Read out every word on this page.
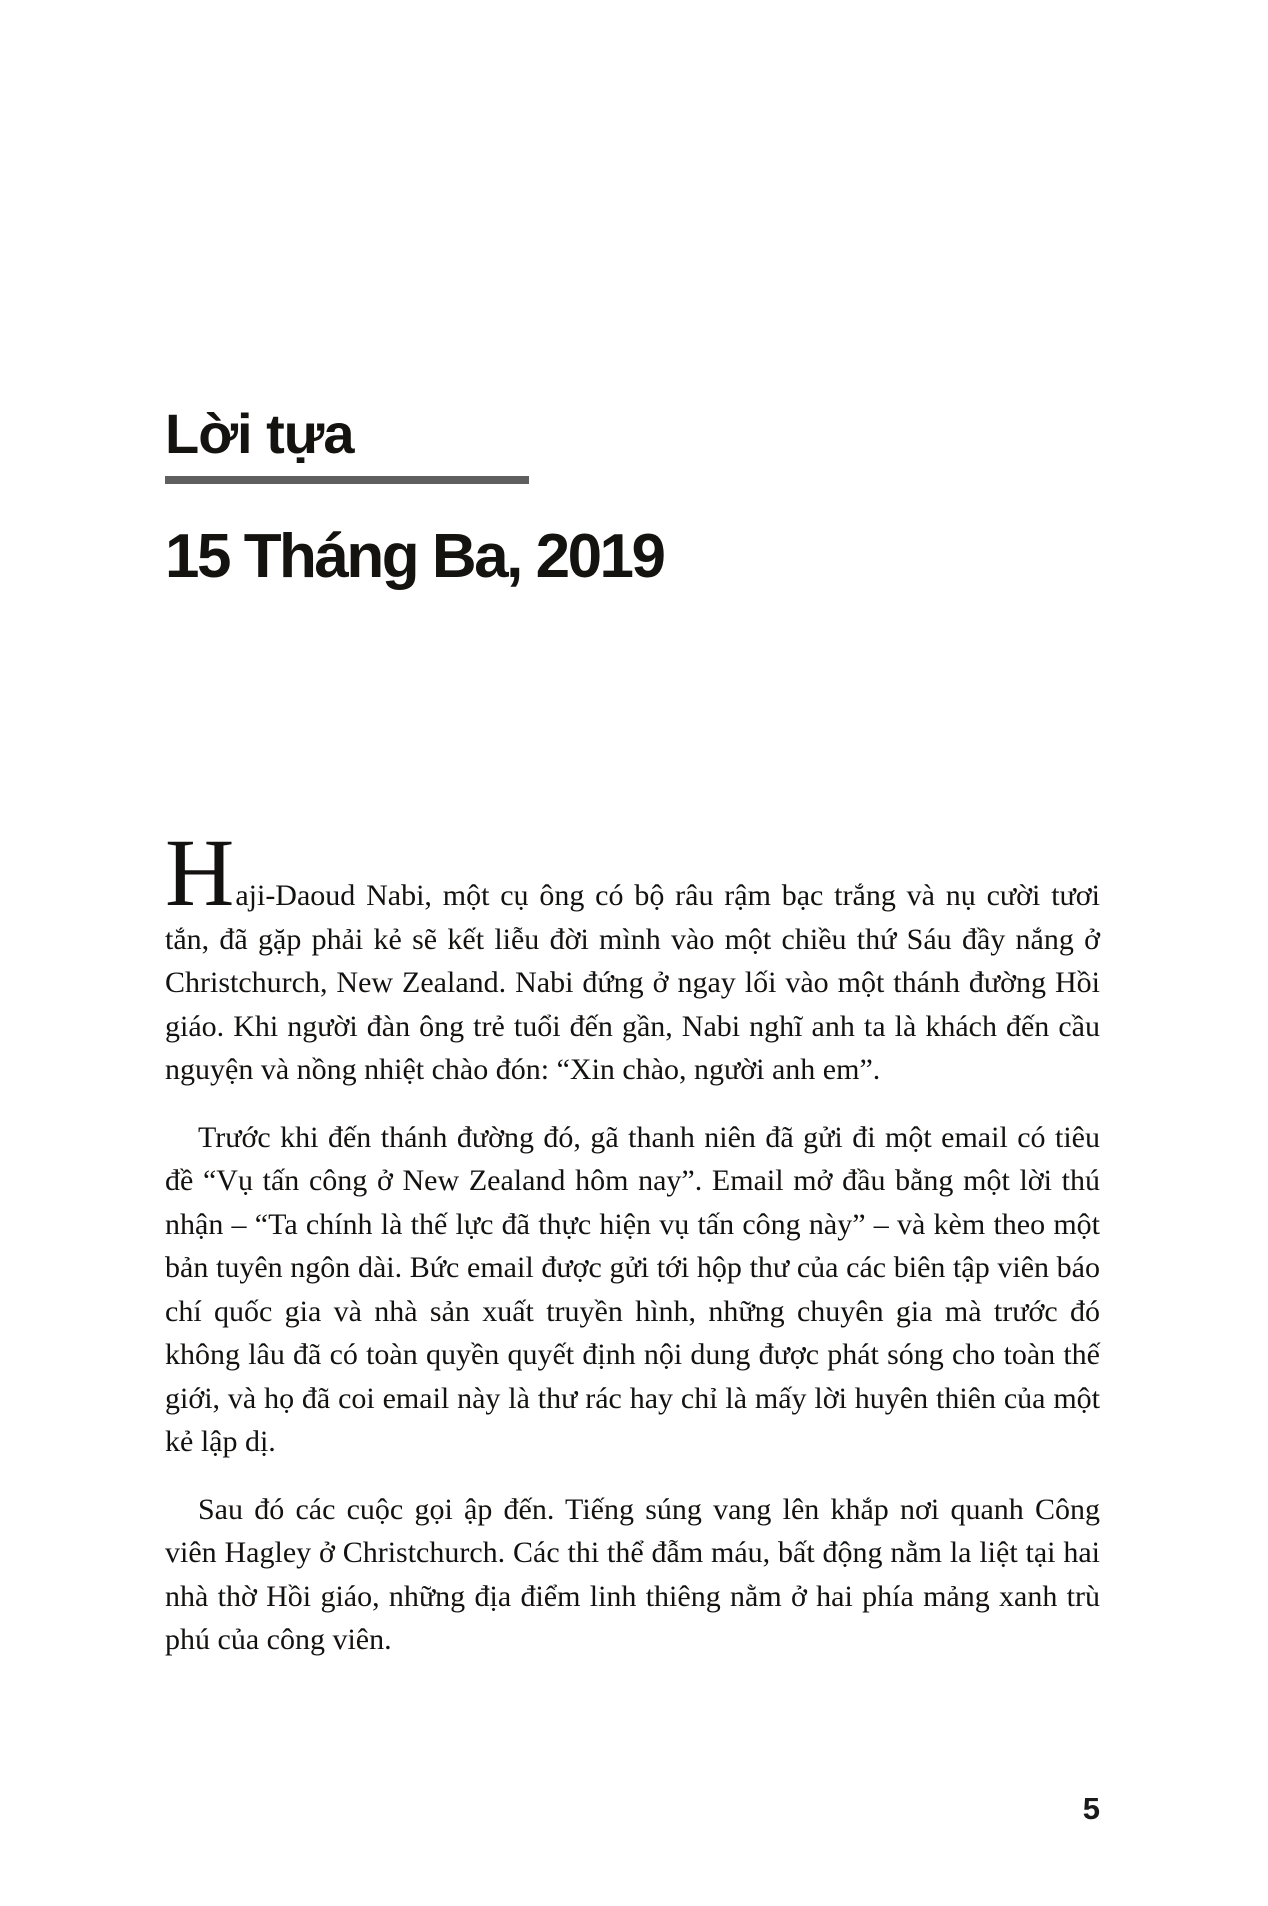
Lời tựa
15 Tháng Ba, 2019

Haji-Daoud Nabi, một cụ ông có bộ râu rậm bạc trắng và nụ cười tươi tắn, đã gặp phải kẻ sẽ kết liễu đời mình vào một chiều thứ Sáu đầy nắng ở Christchurch, New Zealand. Nabi đứng ở ngay lối vào một thánh đường Hồi giáo. Khi người đàn ông trẻ tuổi đến gần, Nabi nghĩ anh ta là khách đến cầu nguyện và nồng nhiệt chào đón: “Xin chào, người anh em”.

Trước khi đến thánh đường đó, gã thanh niên đã gửi đi một email có tiêu đề “Vụ tấn công ở New Zealand hôm nay”. Email mở đầu bằng một lời thú nhận – “Ta chính là thế lực đã thực hiện vụ tấn công này” – và kèm theo một bản tuyên ngôn dài. Bức email được gửi tới hộp thư của các biên tập viên báo chí quốc gia và nhà sản xuất truyền hình, những chuyên gia mà trước đó không lâu đã có toàn quyền quyết định nội dung được phát sóng cho toàn thế giới, và họ đã coi email này là thư rác hay chỉ là mấy lời huyên thiên của một kẻ lập dị.

Sau đó các cuộc gọi ập đến. Tiếng súng vang lên khắp nơi quanh Công viên Hagley ở Christchurch. Các thi thể đẫm máu, bất động nằm la liệt tại hai nhà thờ Hồi giáo, những địa điểm linh thiêng nằm ở hai phía mảng xanh trù phú của công viên.

5
